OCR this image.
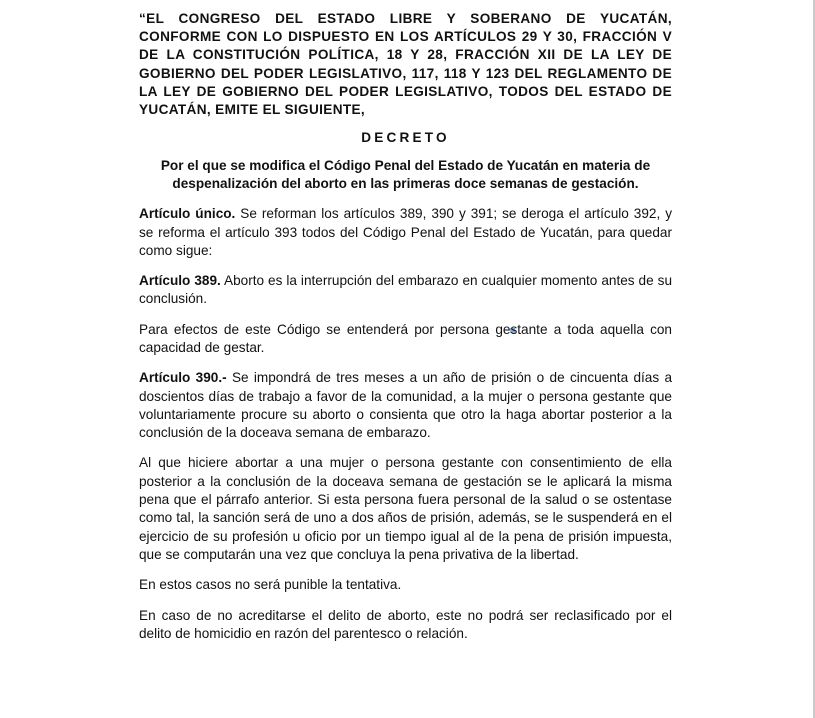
“EL CONGRESO DEL ESTADO LIBRE Y SOBERANO DE YUCATÁN, CONFORME CON LO DISPUESTO EN LOS ARTÍCULOS 29 Y 30, FRACCIÓN V DE LA CONSTITUCIÓN POLÍTICA, 18 Y 28, FRACCIÓN XII DE LA LEY DE GOBIERNO DEL PODER LEGISLATIVO, 117, 118 Y 123 DEL REGLAMENTO DE LA LEY DE GOBIERNO DEL PODER LEGISLATIVO, TODOS DEL ESTADO DE YUCATÁN, EMITE EL SIGUIENTE,

DECRETO

Por el que se modifica el Código Penal del Estado de Yucatán en materia de despenalización del aborto en las primeras doce semanas de gestación.

Artículo único. Se reforman los artículos 389, 390 y 391; se deroga el artículo 392, y se reforma el artículo 393 todos del Código Penal del Estado de Yucatán, para quedar como sigue:

Artículo 389. Aborto es la interrupción del embarazo en cualquier momento antes de su conclusión.

Para efectos de este Código se entenderá por persona gestante a toda aquella con capacidad de gestar.

Artículo 390.- Se impondrá de tres meses a un año de prisión o de cincuenta días a doscientos días de trabajo a favor de la comunidad, a la mujer o persona gestante que voluntariamente procure su aborto o consienta que otro la haga abortar posterior a la conclusión de la doceava semana de embarazo.

Al que hiciere abortar a una mujer o persona gestante con consentimiento de ella posterior a la conclusión de la doceava semana de gestación se le aplicará la misma pena que el párrafo anterior. Si esta persona fuera personal de la salud o se ostentase como tal, la sanción será de uno a dos años de prisión, además, se le suspenderá en el ejercicio de su profesión u oficio por un tiempo igual al de la pena de prisión impuesta, que se computarán una vez que concluya la pena privativa de la libertad.

En estos casos no será punible la tentativa.

En caso de no acreditarse el delito de aborto, este no podrá ser reclasificado por el delito de homicidio en razón del parentesco o relación.
